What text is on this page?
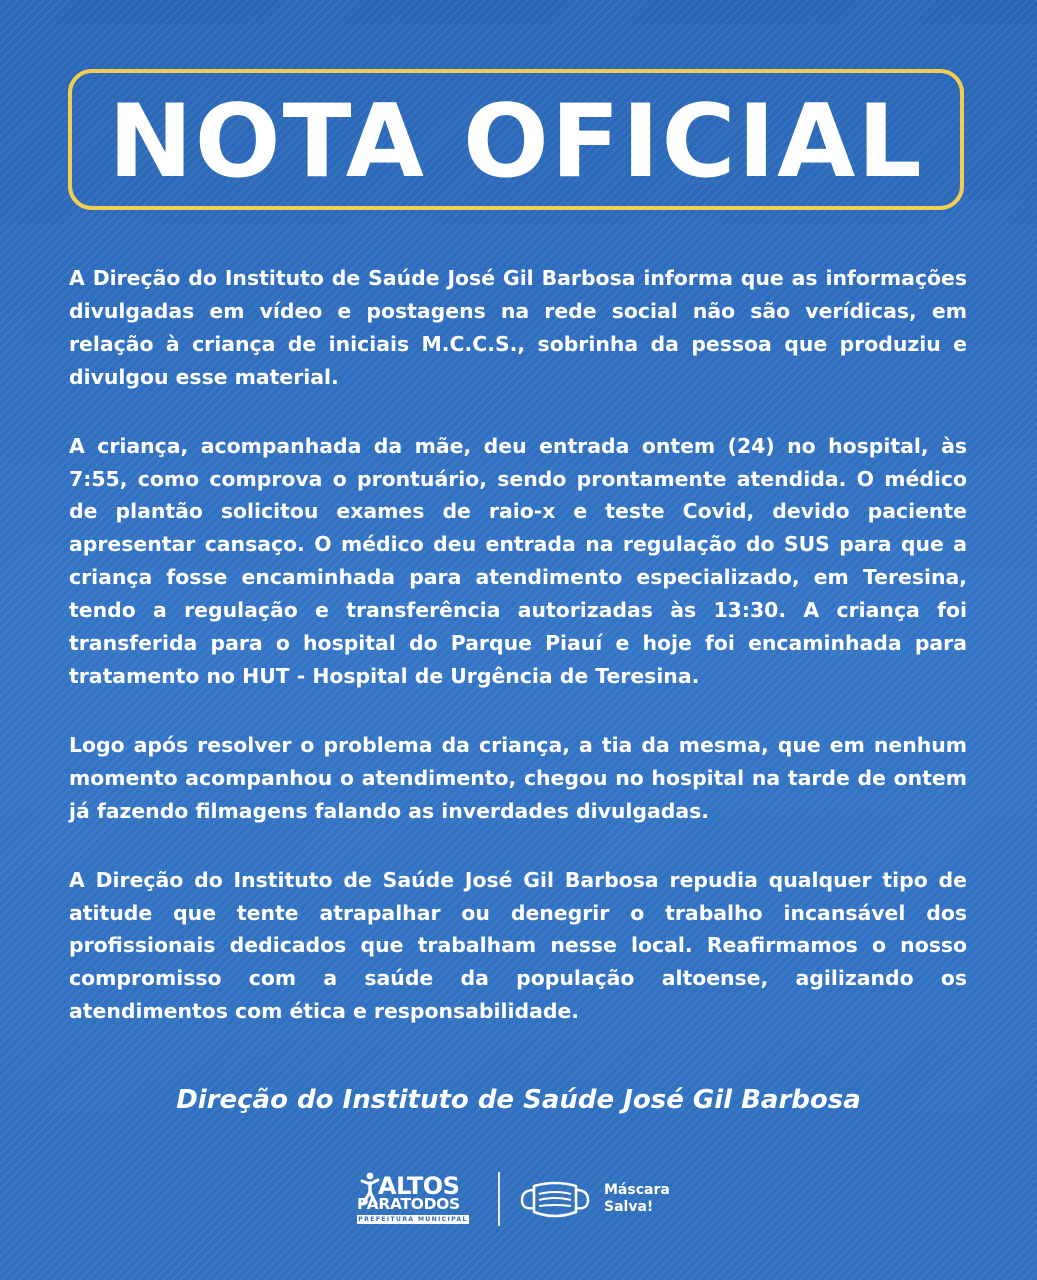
NOTA OFICIAL

A Direção do Instituto de Saúde José Gil Barbosa informa que as informações divulgadas em vídeo e postagens na rede social não são verídicas, em relação à criança de iniciais M.C.C.S., sobrinha da pessoa que produziu e divulgou esse material.

A criança, acompanhada da mãe, deu entrada ontem (24) no hospital, às 7:55, como comprova o prontuário, sendo prontamente atendida. O médico de plantão solicitou exames de raio-x e teste Covid, devido paciente apresentar cansaço. O médico deu entrada na regulação do SUS para que a criança fosse encaminhada para atendimento especializado, em Teresina, tendo a regulação e transferência autorizadas às 13:30. A criança foi transferida para o hospital do Parque Piauí e hoje foi encaminhada para tratamento no HUT - Hospital de Urgência de Teresina.

Logo após resolver o problema da criança, a tia da mesma, que em nenhum momento acompanhou o atendimento, chegou no hospital na tarde de ontem já fazendo filmagens falando as inverdades divulgadas.

A Direção do Instituto de Saúde José Gil Barbosa repudia qualquer tipo de atitude que tente atrapalhar ou denegrir o trabalho incansável dos profissionais dedicados que trabalham nesse local. Reafirmamos o nosso compromisso com a saúde da população altoense, agilizando os atendimentos com ética e responsabilidade.

Direção do Instituto de Saúde José Gil Barbosa
ALTOS
PARATODOS
PREFEITURA MUNICIPAL
Máscara
Salva!
